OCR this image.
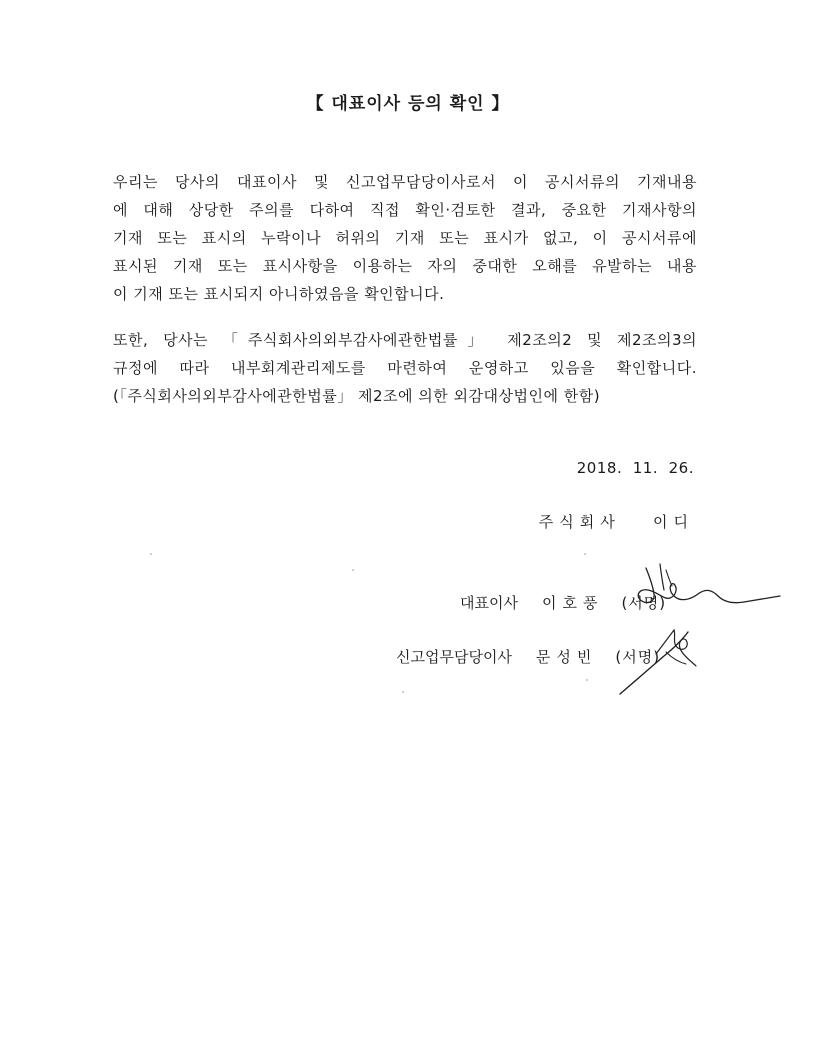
【 대표이사 등의 확인 】

우리는 당사의 대표이사 및 신고업무담당이사로서 이 공시서류의 기재내용

에 대해 상당한 주의를 다하여 직접 확인·검토한 결과, 중요한 기재사항의

기재 또는 표시의 누락이나 허위의 기재 또는 표시가 없고, 이 공시서류에

표시된 기재 또는 표시사항을 이용하는 자의 중대한 오해를 유발하는 내용

이 기재 또는 표시되지 아니하였음을 확인합니다.

또한, 당사는 「주식회사의외부감사에관한법률」 제2조의2 및 제2조의3의

규정에 따라 내부회계관리제도를 마련하여 운영하고 있음을 확인합니다.

(「주식회사의외부감사에관한법률」 제2조에 의한 외감대상법인에 한함)

2018.  11.  26.
주식회사   이디
대표이사 이호풍 (서명)
신고업무담당이사 문성빈 (서명)
